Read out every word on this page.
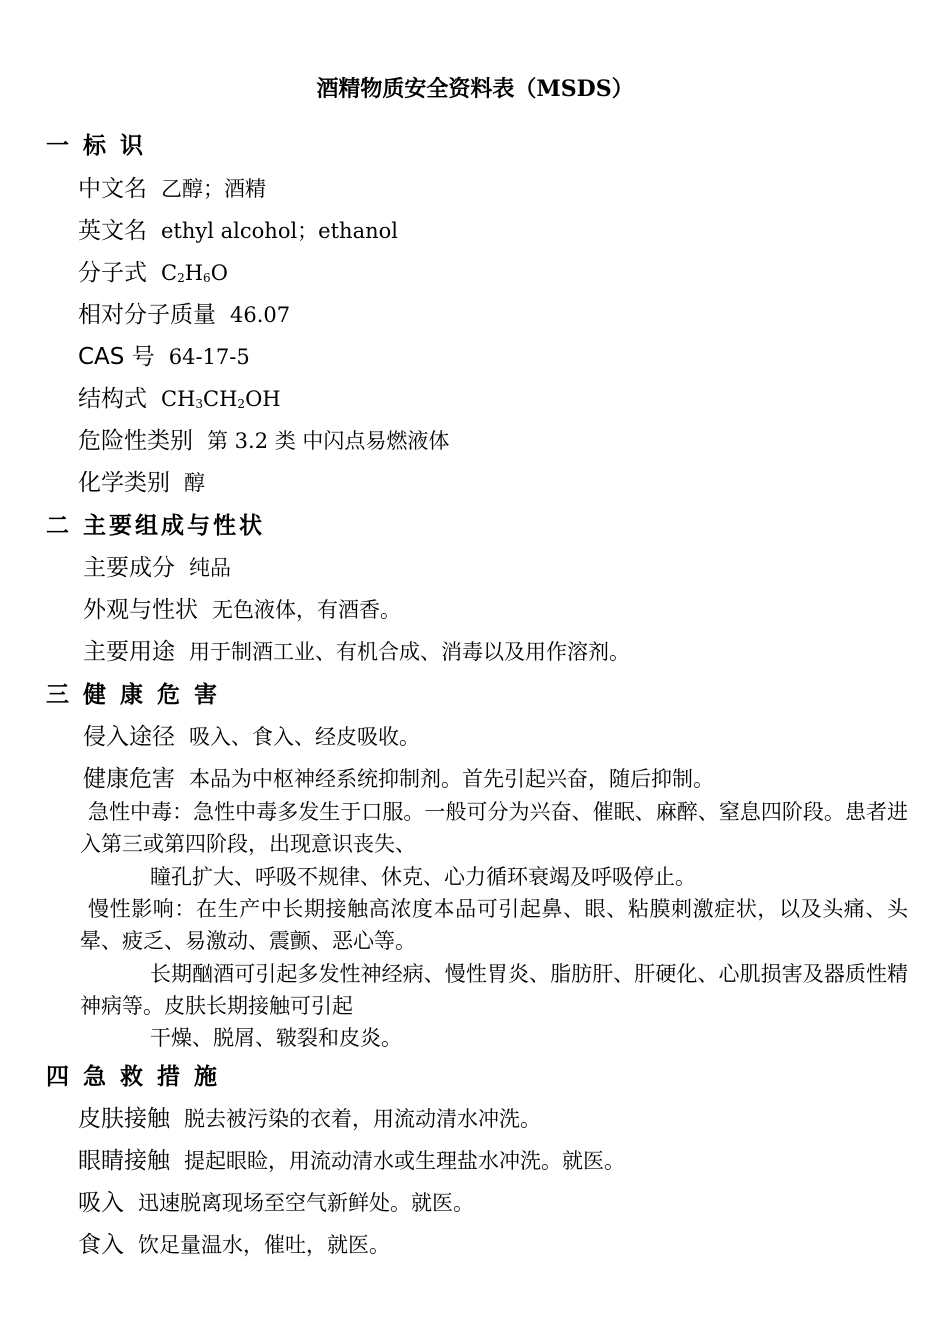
酒精物质安全资料表（MSDS）
一 标 识
中文名 乙醇；酒精
英文名 ethyl alcohol；ethanol
分子式 $C_2H_6O$
相对分子质量 46.07
CAS 号 64-17-5
结构式 $CH_3CH_2OH$
危险性类别 第 3.2 类 中闪点易燃液体
化学类别 醇
二 主要组成与性状
主要成分 纯品
外观与性状 无色液体，有酒香。
主要用途 用于制酒工业、有机合成、消毒以及用作溶剂。
三 健 康 危 害
侵入途径 吸入、食入、经皮吸收。
健康危害 本品为中枢神经系统抑制剂。首先引起兴奋，随后抑制。
急性中毒：急性中毒多发生于口服。一般可分为兴奋、催眠、麻醉、窒息四阶段。患者进入第三或第四阶段，出现意识丧失、
瞳孔扩大、呼吸不规律、休克、心力循环衰竭及呼吸停止。
慢性影响：在生产中长期接触高浓度本品可引起鼻、眼、粘膜刺激症状，以及头痛、头晕、疲乏、易激动、震颤、恶心等。
长期酗酒可引起多发性神经病、慢性胃炎、脂肪肝、肝硬化、心肌损害及器质性精神病等。皮肤长期接触可引起
干燥、脱屑、皲裂和皮炎。
四 急 救 措 施
皮肤接触 脱去被污染的衣着，用流动清水冲洗。
眼睛接触 提起眼睑，用流动清水或生理盐水冲洗。就医。
吸入 迅速脱离现场至空气新鲜处。就医。
食入 饮足量温水，催吐，就医。
